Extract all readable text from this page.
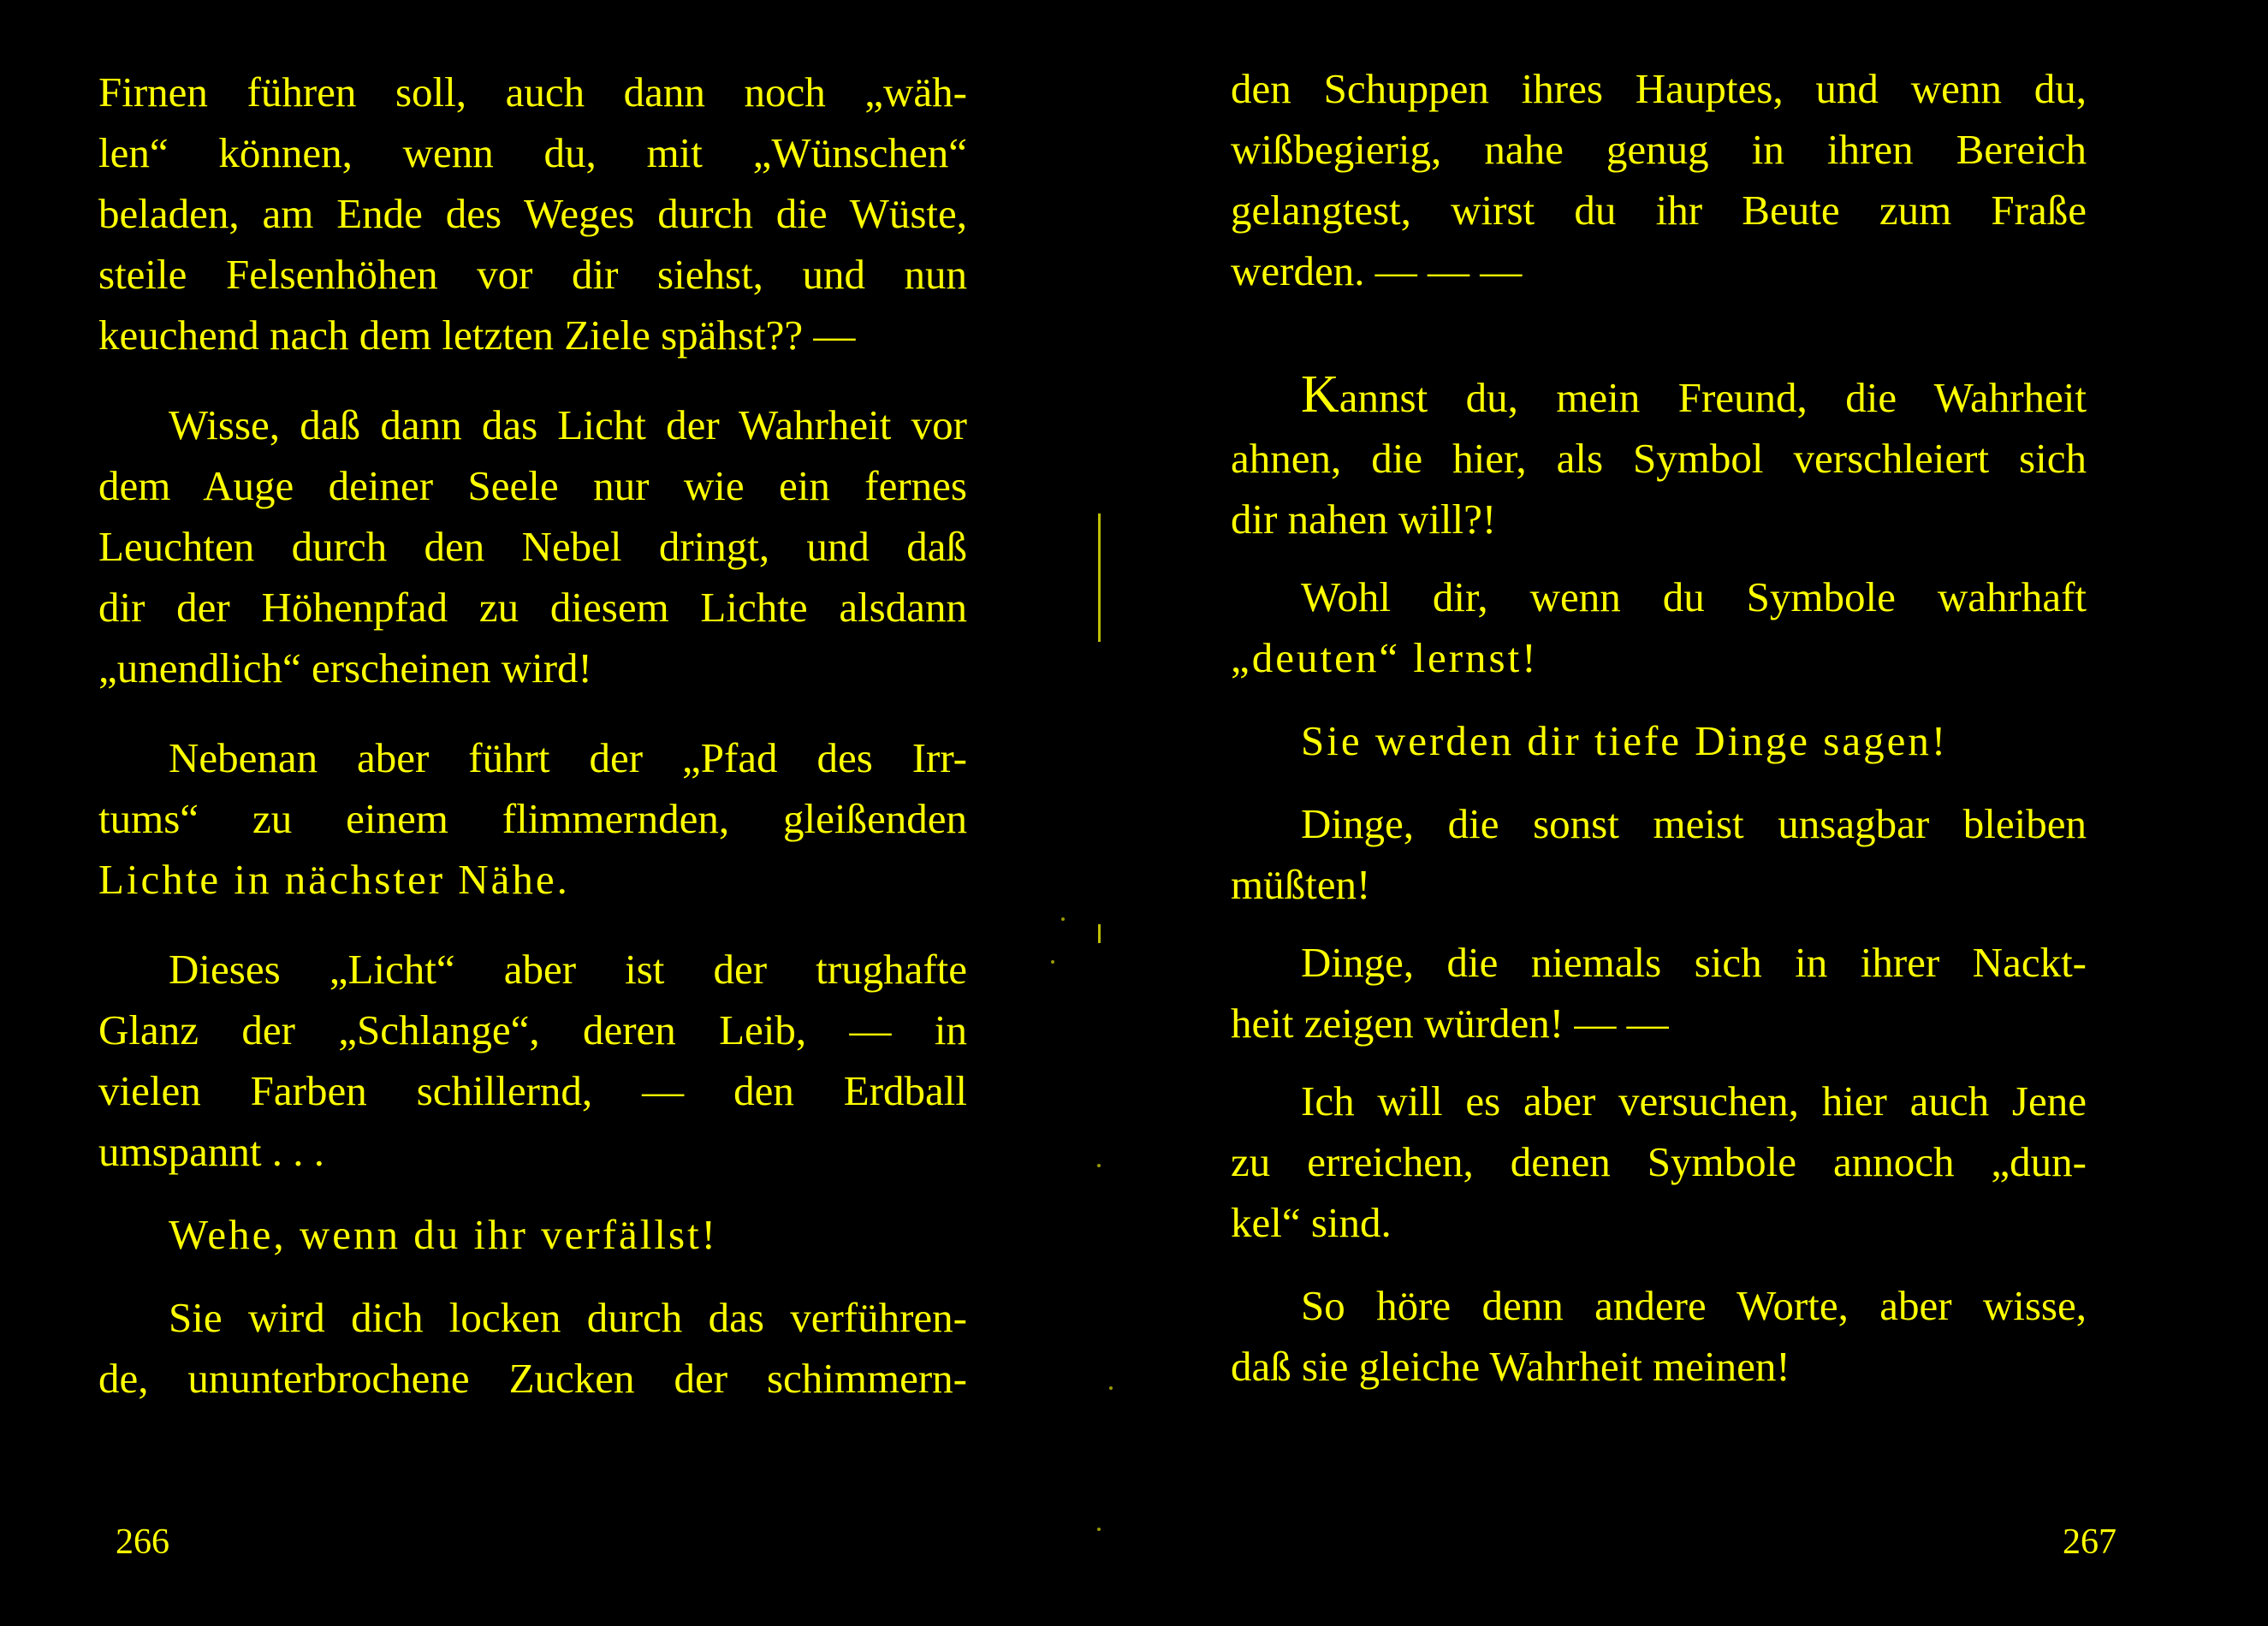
Firnen führen soll, auch dann noch „wäh-
len“ können, wenn du, mit „Wünschen“
beladen, am Ende des Weges durch die Wüste,
steile Felsenhöhen vor dir siehst, und nun
keuchend nach dem letzten Ziele spähst?? —

Wisse, daß dann das Licht der Wahrheit vor
dem Auge deiner Seele nur wie ein fernes
Leuchten durch den Nebel dringt, und daß
dir der Höhenpfad zu diesem Lichte alsdann
„unendlich“ erscheinen wird!

Nebenan aber führt der „Pfad des Irr-
tums“ zu einem flimmernden, gleißenden
Lichte in nächster Nähe.

Dieses „Licht“ aber ist der trughafte
Glanz der „Schlange“, deren Leib, — in
vielen Farben schillernd, — den Erdball
umspannt . . .

Wehe, wenn du ihr verfällst!

Sie wird dich locken durch das verführen-
de, ununterbrochene Zucken der schimmern-

266

den Schuppen ihres Hauptes, und wenn du,
wißbegierig, nahe genug in ihren Bereich
gelangtest, wirst du ihr Beute zum Fraße
werden. — — —

Kannst du, mein Freund, die Wahrheit
ahnen, die hier, als Symbol verschleiert sich
dir nahen will?!

Wohl dir, wenn du Symbole wahrhaft
„deuten“ lernst!

Sie werden dir tiefe Dinge sagen!

Dinge, die sonst meist unsagbar bleiben
müßten!

Dinge, die niemals sich in ihrer Nackt-
heit zeigen würden! — —

Ich will es aber versuchen, hier auch Jene
zu erreichen, denen Symbole annoch „dun-
kel“ sind.

So höre denn andere Worte, aber wisse,
daß sie gleiche Wahrheit meinen!

267
